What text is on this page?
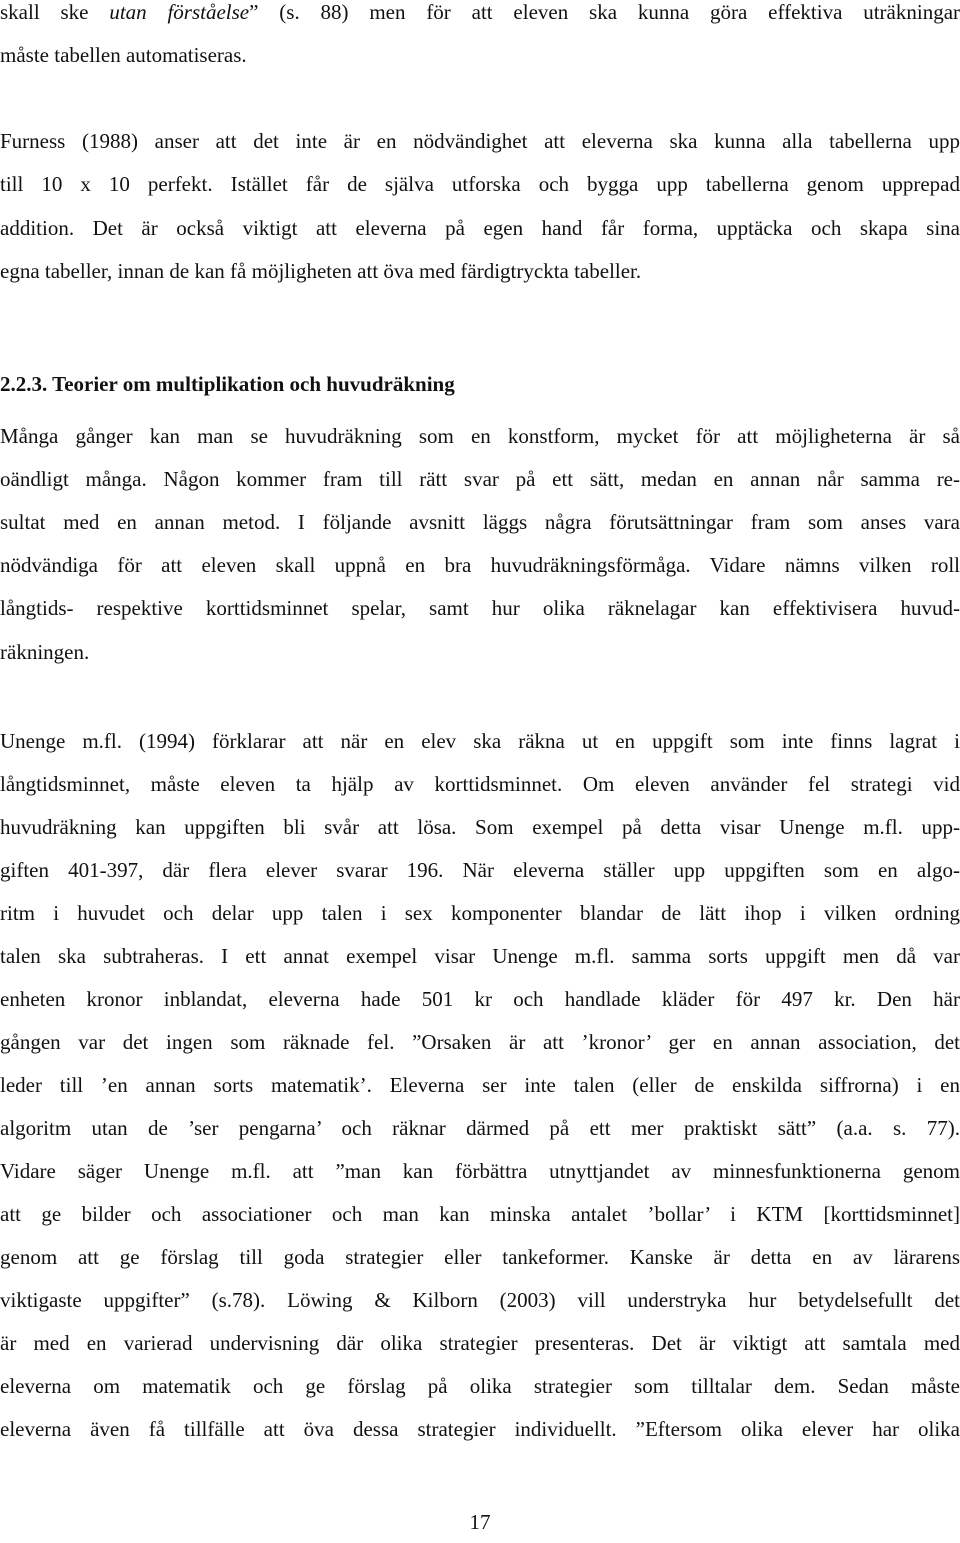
skall ske utan förståelse” (s. 88) men för att eleven ska kunna göra effektiva uträkningar
måste tabellen automatiseras.
Furness (1988) anser att det inte är en nödvändighet att eleverna ska kunna alla tabellerna upp
till 10 x 10 perfekt. Istället får de själva utforska och bygga upp tabellerna genom upprepad
addition. Det är också viktigt att eleverna på egen hand får forma, upptäcka och skapa sina
egna tabeller, innan de kan få möjligheten att öva med färdigtryckta tabeller.
2.2.3. Teorier om multiplikation och huvudräkning
Många gånger kan man se huvudräkning som en konstform, mycket för att möjligheterna är så
oändligt många. Någon kommer fram till rätt svar på ett sätt, medan en annan når samma re-
sultat med en annan metod. I följande avsnitt läggs några förutsättningar fram som anses vara
nödvändiga för att eleven skall uppnå en bra huvudräkningsförmåga. Vidare nämns vilken roll
långtids- respektive korttidsminnet spelar, samt hur olika räknelagar kan effektivisera huvud-
räkningen.
Unenge m.fl. (1994) förklarar att när en elev ska räkna ut en uppgift som inte finns lagrat i
långtidsminnet, måste eleven ta hjälp av korttidsminnet. Om eleven använder fel strategi vid
huvudräkning kan uppgiften bli svår att lösa. Som exempel på detta visar Unenge m.fl. upp-
giften 401-397, där flera elever svarar 196. När eleverna ställer upp uppgiften som en algo-
ritm i huvudet och delar upp talen i sex komponenter blandar de lätt ihop i vilken ordning
talen ska subtraheras. I ett annat exempel visar Unenge m.fl. samma sorts uppgift men då var
enheten kronor inblandat, eleverna hade 501 kr och handlade kläder för 497 kr. Den här
gången var det ingen som räknade fel. ”Orsaken är att ’kronor’ ger en annan association, det
leder till ’en annan sorts matematik’. Eleverna ser inte talen (eller de enskilda siffrorna) i en
algoritm utan de ’ser pengarna’ och räknar därmed på ett mer praktiskt sätt” (a.a. s. 77).
Vidare säger Unenge m.fl. att ”man kan förbättra utnyttjandet av minnesfunktionerna genom
att ge bilder och associationer och man kan minska antalet ’bollar’ i KTM [korttidsminnet]
genom att ge förslag till goda strategier eller tankeformer. Kanske är detta en av lärarens
viktigaste uppgifter” (s.78). Löwing & Kilborn (2003) vill understryka hur betydelsefullt det
är med en varierad undervisning där olika strategier presenteras. Det är viktigt att samtala med
eleverna om matematik och ge förslag på olika strategier som tilltalar dem. Sedan måste
eleverna även få tillfälle att öva dessa strategier individuellt. ”Eftersom olika elever har olika
17
